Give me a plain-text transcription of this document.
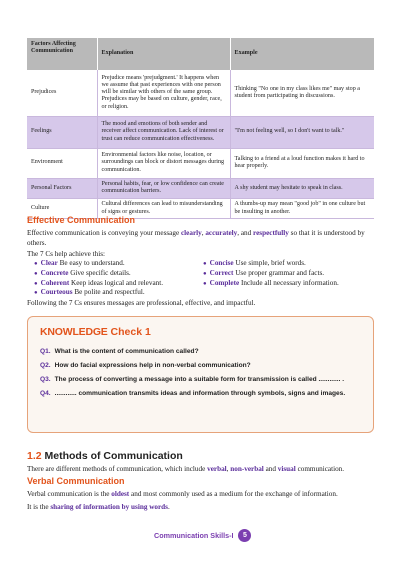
Factors Affecting Communication	Explanation	Example
Prejudices	Prejudice means 'prejudgment.' It happens when we assume that past experiences with one person will be similar with others of the same group. Prejudices may be based on culture, gender, race, or religion.	Thinking "No one in my class likes me" may stop a student from participating in discussions.
Feelings	The mood and emotions of both sender and receiver affect communication. Lack of interest or trust can reduce communication effectiveness.	"I'm not feeling well, so I don't want to talk."
Environment	Environmental factors like noise, location, or surroundings can block or distort messages during communication.	Talking to a friend at a loud function makes it hard to hear properly.
Personal Factors	Personal habits, fear, or low confidence can create communication barriers.	A shy student may hesitate to speak in class.
Culture	Cultural differences can lead to misunderstanding of signs or gestures.	A thumbs-up may mean "good job" in one culture but be insulting in another.
Effective Communication
Effective communication is conveying your message clearly, accurately, and respectfully so that it is understood by others.
The 7 Cs help achieve this:
● Clear Be easy to understand.
● Concrete Give specific details.
● Coherent Keep ideas logical and relevant.
● Courteous Be polite and respectful.
● Concise Use simple, brief words.
● Correct Use proper grammar and facts.
● Complete Include all necessary information.
Following the 7 Cs ensures messages are professional, effective, and impactful.
KNOWLEDGE Check 1
Q1. What is the content of communication called?
Q2. How do facial expressions help in non-verbal communication?
Q3. The process of converting a message into a suitable form for transmission is called ............ .
Q4. ............ communication transmits ideas and information through symbols, signs and images.
1.2 Methods of Communication
There are different methods of communication, which include verbal, non-verbal and visual communication.
Verbal Communication
Verbal communication is the oldest and most commonly used as a medium for the exchange of information.
It is the sharing of information by using words.
Communication Skills-I	5
